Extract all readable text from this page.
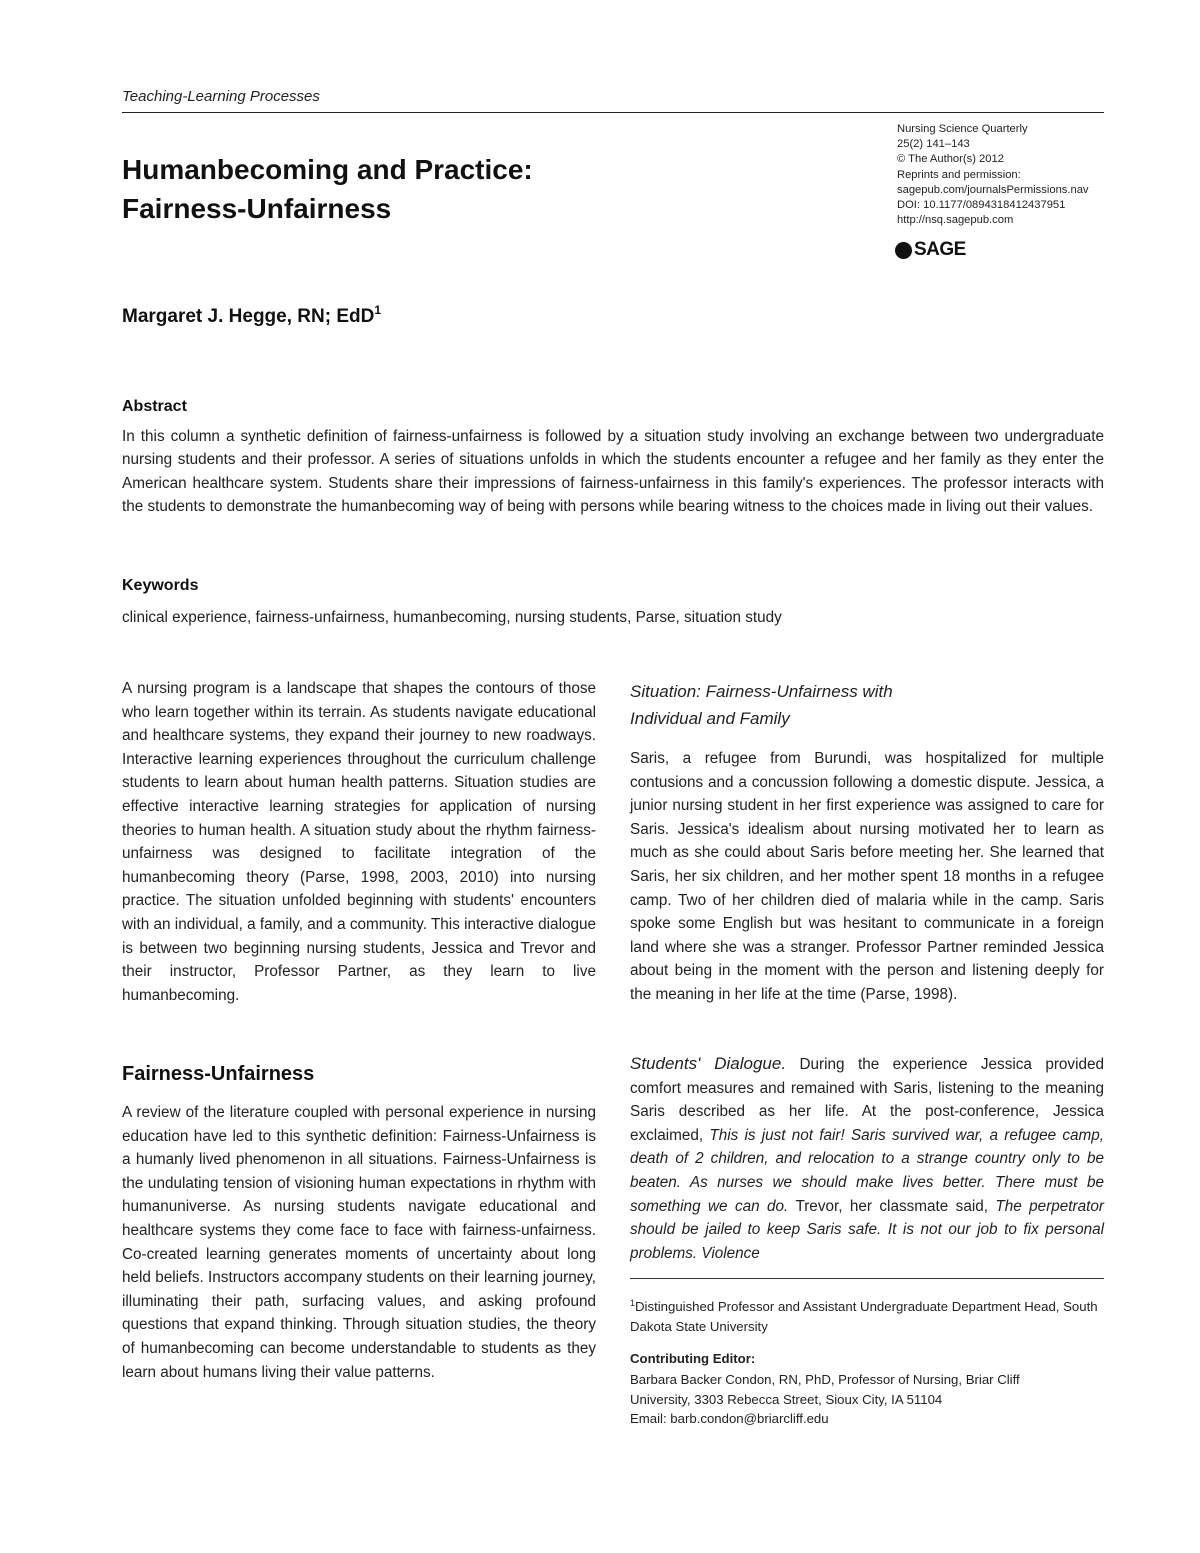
Teaching-Learning Processes
Humanbecoming and Practice:
Fairness-Unfairness
Nursing Science Quarterly
25(2) 141–143
© The Author(s) 2012
Reprints and permission:
sagepub.com/journalsPermissions.nav
DOI: 10.1177/0894318412437951
http://nsq.sagepub.com
SAGE
Margaret J. Hegge, RN; EdD$^1$
Abstract
In this column a synthetic definition of fairness-unfairness is followed by a situation study involving an exchange between two undergraduate nursing students and their professor. A series of situations unfolds in which the students encounter a refugee and her family as they enter the American healthcare system. Students share their impressions of fairness-unfairness in this family's experiences. The professor interacts with the students to demonstrate the humanbecoming way of being with persons while bearing witness to the choices made in living out their values.
Keywords
clinical experience, fairness-unfairness, humanbecoming, nursing students, Parse, situation study
A nursing program is a landscape that shapes the contours of those who learn together within its terrain. As students navigate educational and healthcare systems, they expand their journey to new roadways. Interactive learning experiences throughout the curriculum challenge students to learn about human health patterns. Situation studies are effective interactive learning strategies for application of nursing theories to human health. A situation study about the rhythm fairness-unfairness was designed to facilitate integration of the humanbecoming theory (Parse, 1998, 2003, 2010) into nursing practice. The situation unfolded beginning with students' encounters with an individual, a family, and a community. This interactive dialogue is between two beginning nursing students, Jessica and Trevor and their instructor, Professor Partner, as they learn to live humanbecoming.
Fairness-Unfairness
A review of the literature coupled with personal experience in nursing education have led to this synthetic definition: Fairness-Unfairness is a humanly lived phenomenon in all situations. Fairness-Unfairness is the undulating tension of visioning human expectations in rhythm with humanuniverse. As nursing students navigate educational and healthcare systems they come face to face with fairness-unfairness. Co-created learning generates moments of uncertainty about long held beliefs. Instructors accompany students on their learning journey, illuminating their path, surfacing values, and asking profound questions that expand thinking. Through situation studies, the theory of humanbecoming can become understandable to students as they learn about humans living their value patterns.
Situation: Fairness-Unfairness with
Individual and Family
Saris, a refugee from Burundi, was hospitalized for multiple contusions and a concussion following a domestic dispute. Jessica, a junior nursing student in her first experience was assigned to care for Saris. Jessica's idealism about nursing motivated her to learn as much as she could about Saris before meeting her. She learned that Saris, her six children, and her mother spent 18 months in a refugee camp. Two of her children died of malaria while in the camp. Saris spoke some English but was hesitant to communicate in a foreign land where she was a stranger. Professor Partner reminded Jessica about being in the moment with the person and listening deeply for the meaning in her life at the time (Parse, 1998).
Students' Dialogue. During the experience Jessica provided comfort measures and remained with Saris, listening to the meaning Saris described as her life. At the post-conference, Jessica exclaimed, This is just not fair! Saris survived war, a refugee camp, death of 2 children, and relocation to a strange country only to be beaten. As nurses we should make lives better. There must be something we can do. Trevor, her classmate said, The perpetrator should be jailed to keep Saris safe. It is not our job to fix personal problems. Violence
$^1$Distinguished Professor and Assistant Undergraduate Department Head, South Dakota State University
Contributing Editor:
Barbara Backer Condon, RN, PhD, Professor of Nursing, Briar Cliff
University, 3303 Rebecca Street, Sioux City, IA 51104
Email: barb.condon@briarcliff.edu
